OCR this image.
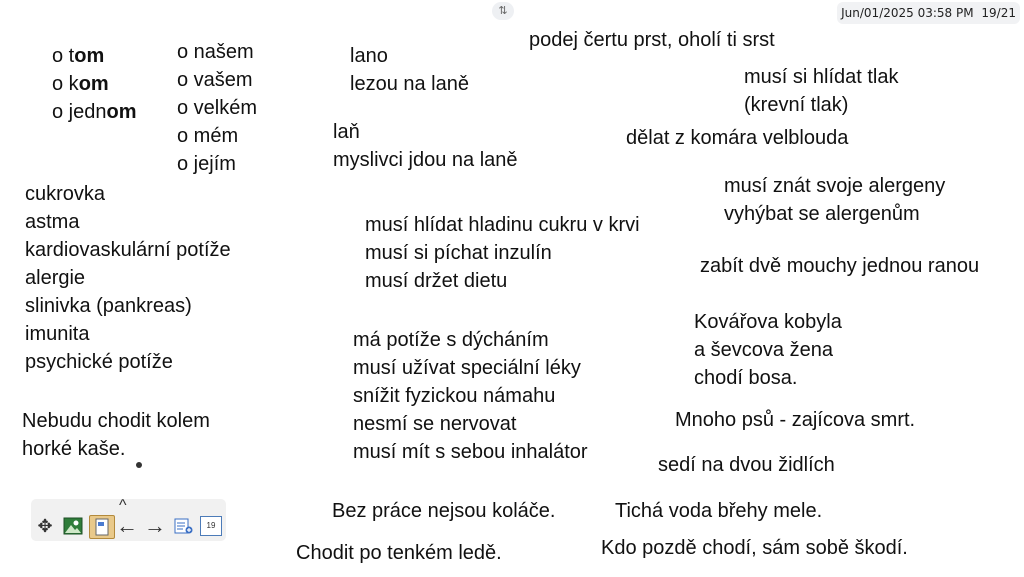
⇅	Jun/01/2025 03:58 PM 19/21
o tom
o kom
o jednom
o našem
o vašem
o velkém
o mém
o jejím
lano
lezou na laně
laň
myslivci jdou na laně
cukrovka
astma
kardiovaskulární potíže
alergie
slinivka (pankreas)
imunita
psychické potíže
Nebudu chodit kolem
horké kaše.
podej čertu prst, oholí ti srst
musí si hlídat tlak
(krevní tlak)
dělat z komára velblouda
musí znát svoje alergeny
vyhýbat se alergenům
musí hlídat hladinu cukru v krvi
musí si píchat inzulín
musí držet dietu
zabít dvě mouchy jednou ranou
Kovářova kobyla
a ševcova žena
chodí bosa.
má potíže s dýcháním
musí užívat speciální léky
snížit fyzickou námahu
nesmí se nervovat
musí mít s sebou inhalátor
Mnoho psů - zajícova smrt.
sedí na dvou židlích
Bez práce nejsou koláče.	Tichá voda břehy mele.
Chodit po tenkém ledě.	Kdo pozdě chodí, sám sobě škodí.
^
✥	← →	19
